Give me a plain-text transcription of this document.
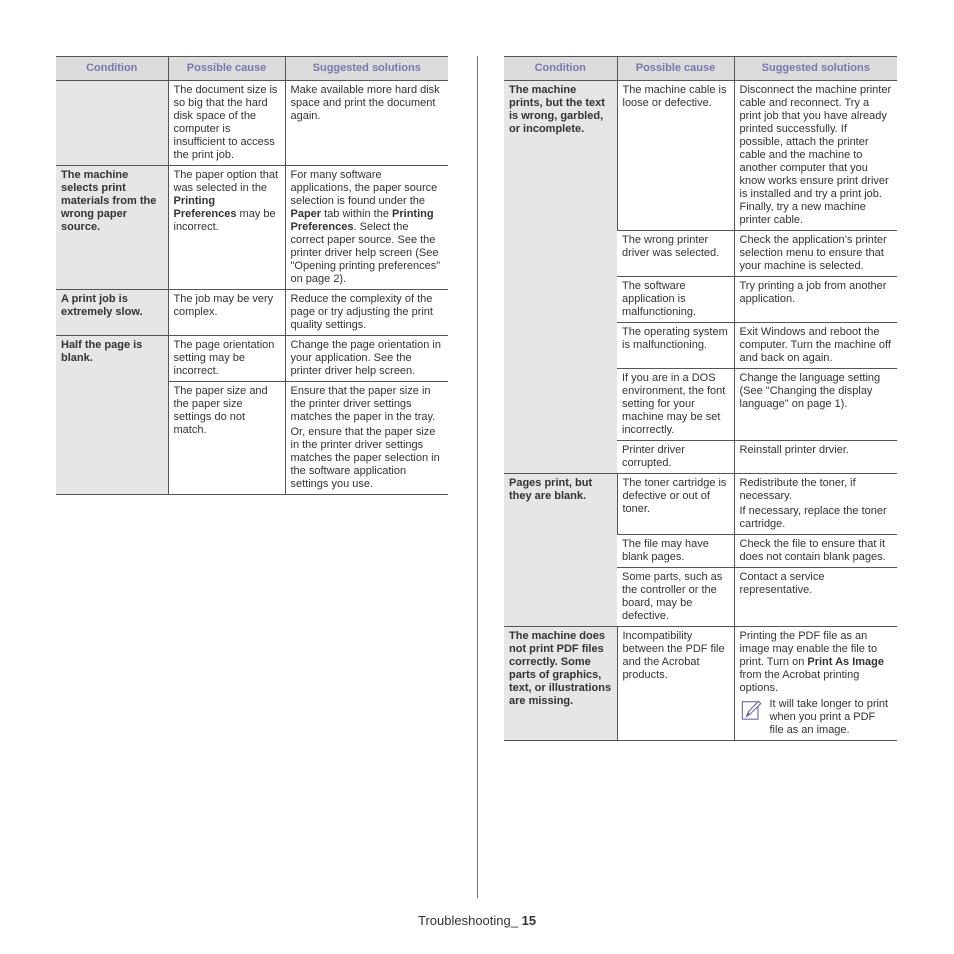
Condition	Possible cause	Suggested solutions
	The document size is so big that the hard disk space of the computer is insufficient to access the print job.	Make available more hard disk space and print the document again.
The machine selects print materials from the wrong paper source.	The paper option that was selected in the Printing Preferences may be incorrect.	For many software applications, the paper source selection is found under the Paper tab within the Printing Preferences. Select the correct paper source. See the printer driver help screen (See "Opening printing preferences" on page 2).
A print job is extremely slow.	The job may be very complex.	Reduce the complexity of the page or try adjusting the print quality settings.
Half the page is blank.	The page orientation setting may be incorrect.	Change the page orientation in your application. See the printer driver help screen.
	The paper size and the paper size settings do not match.	Ensure that the paper size in the printer driver settings matches the paper in the tray.

Or, ensure that the paper size in the printer driver settings matches the paper selection in the software application settings you use.

Condition	Possible cause	Suggested solutions
The machine prints, but the text is wrong, garbled, or incomplete.	The machine cable is loose or defective.	Disconnect the machine printer cable and reconnect. Try a print job that you have already printed successfully. If possible, attach the printer cable and the machine to another computer that you know works ensure print driver is installed and try a print job. Finally, try a new machine printer cable.
	The wrong printer driver was selected.	Check the application’s printer selection menu to ensure that your machine is selected.
	The software application is malfunctioning.	Try printing a job from another application.
	The operating system is malfunctioning.	Exit Windows and reboot the computer. Turn the machine off and back on again.
	If you are in a DOS environment, the font setting for your machine may be set incorrectly.	Change the language setting (See "Changing the display language" on page 1).
	Printer driver corrupted.	Reinstall printer drvier.
Pages print, but they are blank.	The toner cartridge is defective or out of toner.	Redistribute the toner, if necessary.

If necessary, replace the toner cartridge.

	The file may have blank pages.	Check the file to ensure that it does not contain blank pages.
	Some parts, such as the controller or the board, may be defective.	Contact a service representative.
The machine does not print PDF files correctly. Some parts of graphics, text, or illustrations are missing.	Incompatibility between the PDF file and the Acrobat products.	Printing the PDF file as an image may enable the file to print. Turn on Print As Image from the Acrobat printing options.

It will take longer to print when you print a PDF file as an image.
Troubleshooting_ 15
